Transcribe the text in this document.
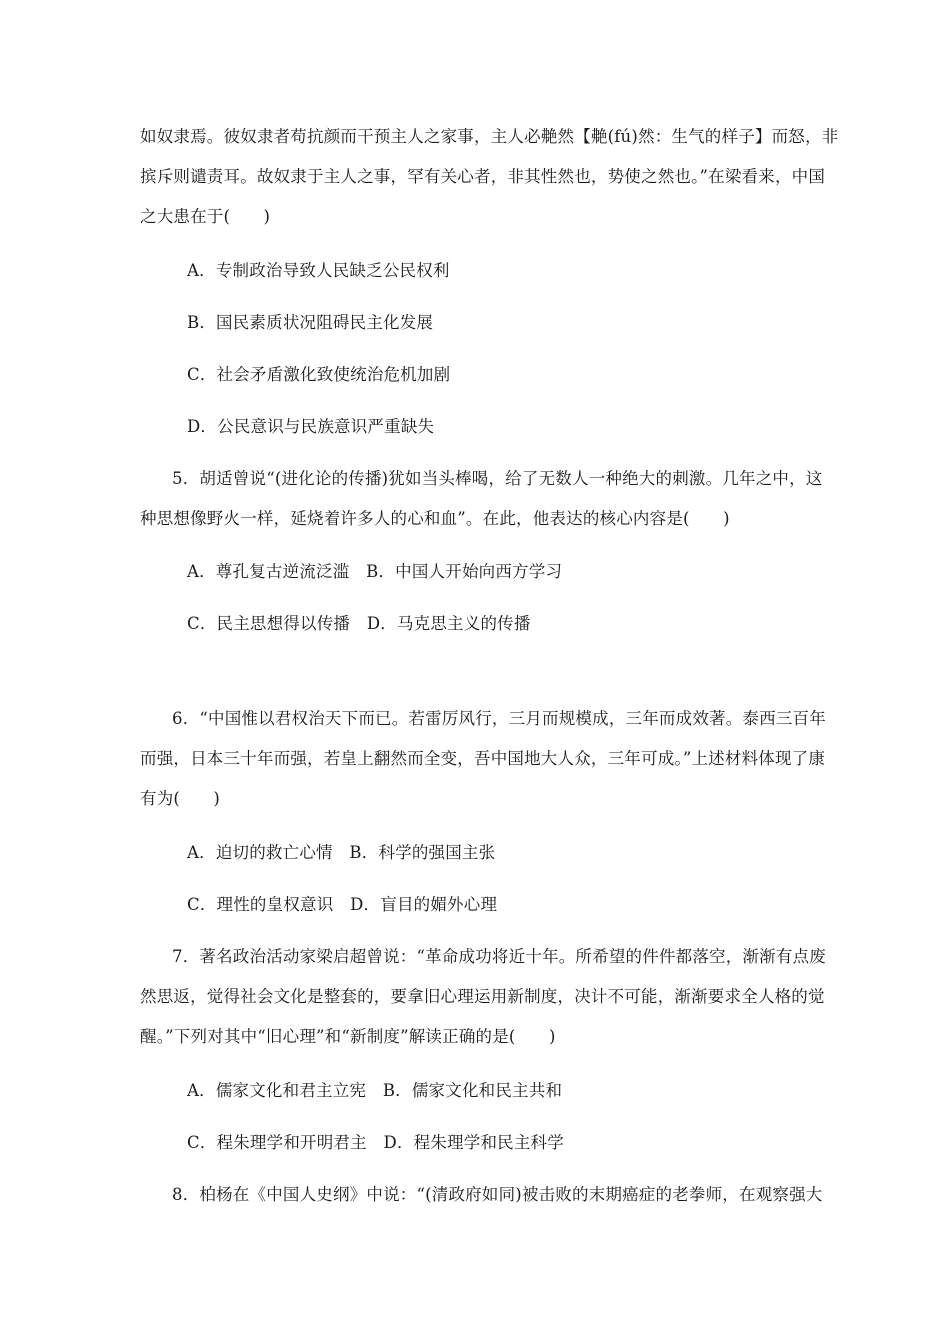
如奴隶焉。彼奴隶者苟抗颜而干预主人之家事，主人必艴然【艴(fú)然：生气的样子】而怒，非
摈斥则谴责耳。故奴隶于主人之事，罕有关心者，非其性然也，势使之然也。”在梁看来，中国
之大患在于(　　)
A．专制政治导致人民缺乏公民权利
B．国民素质状况阻碍民主化发展
C．社会矛盾激化致使统治危机加剧
D．公民意识与民族意识严重缺失
5．胡适曾说“(进化论的传播)犹如当头棒喝，给了无数人一种绝大的刺激。几年之中，这
种思想像野火一样，延烧着许多人的心和血”。在此，他表达的核心内容是(　　)
A．尊孔复古逆流泛滥　B．中国人开始向西方学习
C．民主思想得以传播　D．马克思主义的传播
6．“中国惟以君权治天下而已。若雷厉风行，三月而规模成，三年而成效著。泰西三百年
而强，日本三十年而强，若皇上翻然而全变，吾中国地大人众，三年可成。”上述材料体现了康
有为(　　)
A．迫切的救亡心情　B．科学的强国主张
C．理性的皇权意识　D．盲目的媚外心理
7．著名政治活动家梁启超曾说：“革命成功将近十年。所希望的件件都落空，渐渐有点废
然思返，觉得社会文化是整套的，要拿旧心理运用新制度，决计不可能，渐渐要求全人格的觉
醒。”下列对其中“旧心理”和“新制度”解读正确的是(　　)
A．儒家文化和君主立宪　B．儒家文化和民主共和
C．程朱理学和开明君主　D．程朱理学和民主科学
8．柏杨在《中国人史纲》中说：“(清政府如同)被击败的末期癌症的老拳师，在观察强大
